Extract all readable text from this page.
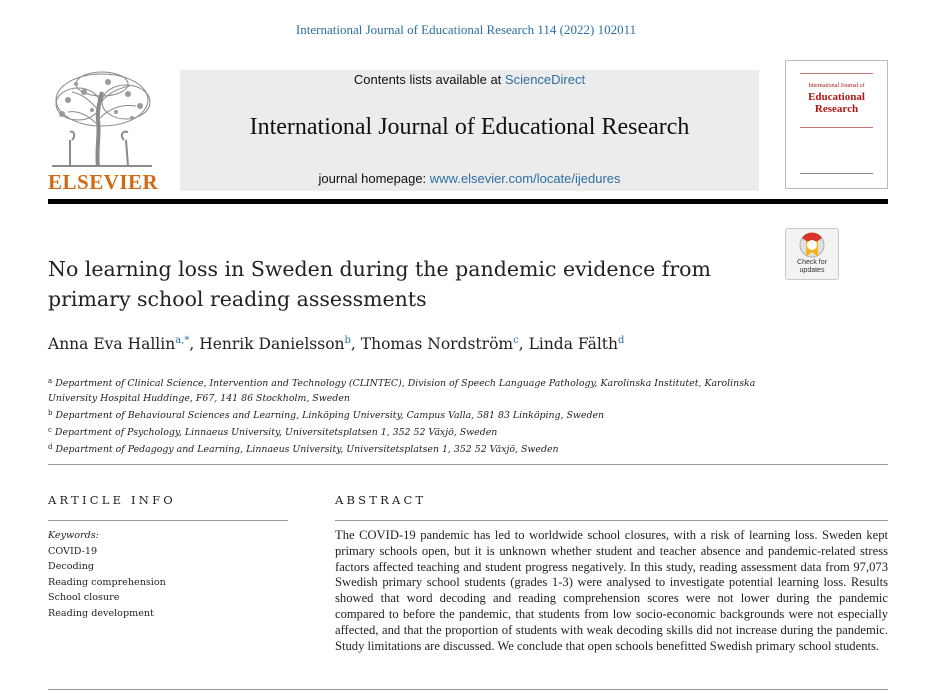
International Journal of Educational Research 114 (2022) 102011
ELSEVIER
Contents lists available at ScienceDirect
International Journal of Educational Research
journal homepage: www.elsevier.com/locate/ijedures
International Journal of
Educational Research
Check for updates
No learning loss in Sweden during the pandemic evidence from primary school reading assessments
Anna Eva Hallin$^{a,*}$, Henrik Danielsson$^b$, Thomas Nordström$^c$, Linda Fälth$^d$
$^a$ Department of Clinical Science, Intervention and Technology (CLINTEC), Division of Speech Language Pathology, Karolinska Institutet, Karolinska University Hospital Huddinge, F67, 141 86 Stockholm, Sweden
$^b$ Department of Behavioural Sciences and Learning, Linköping University, Campus Valla, 581 83 Linköping, Sweden
$^c$ Department of Psychology, Linnaeus University, Universitetsplatsen 1, 352 52 Växjö, Sweden
$^d$ Department of Pedagogy and Learning, Linnaeus University, Universitetsplatsen 1, 352 52 Växjö, Sweden
ARTICLE INFO
Keywords:
COVID-19
Decoding
Reading comprehension
School closure
Reading development
ABSTRACT

The COVID-19 pandemic has led to worldwide school closures, with a risk of learning loss. Sweden kept primary schools open, but it is unknown whether student and teacher absence and pandemic-related stress factors affected teaching and student progress negatively. In this study, reading assessment data from 97,073 Swedish primary school students (grades 1-3) were analysed to investigate potential learning loss. Results showed that word decoding and reading comprehension scores were not lower during the pandemic compared to before the pandemic, that students from low socio-economic backgrounds were not especially affected, and that the proportion of students with weak decoding skills did not increase during the pandemic. Study limitations are discussed. We conclude that open schools benefitted Swedish primary school students.
